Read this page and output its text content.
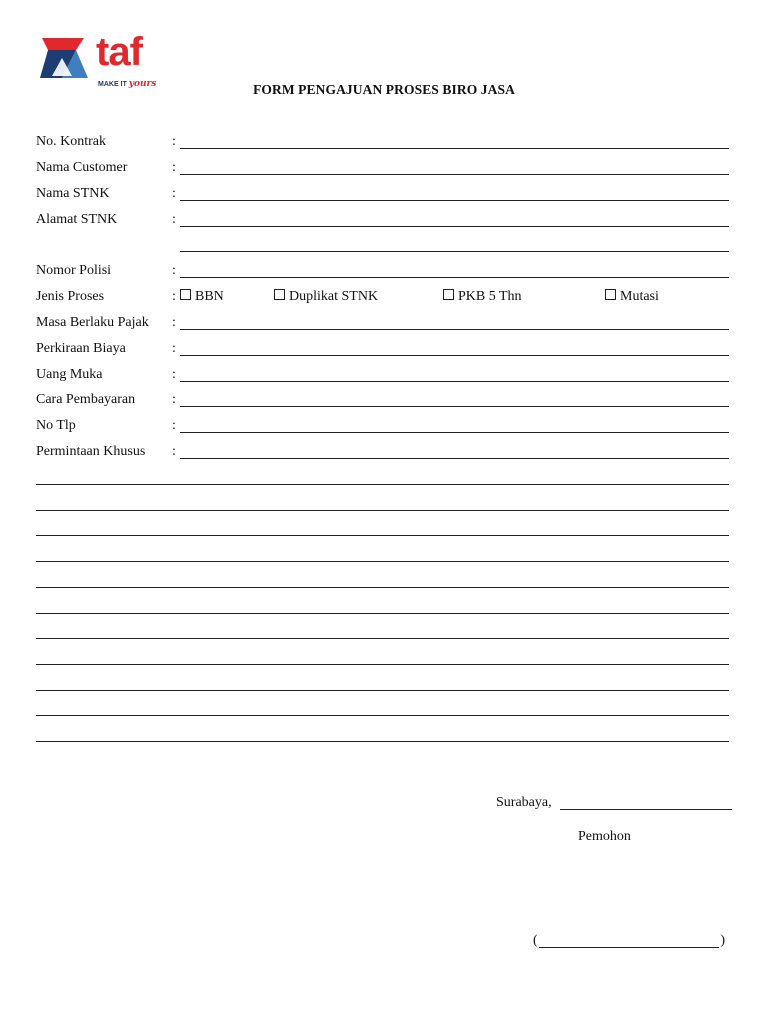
taf
MAKE IT yours	FORM PENGAJUAN PROSES BIRO JASA
No. Kontrak	:
Nama Customer	:
Nama STNK	:
Alamat STNK	:
Nomor Polisi	:
Jenis Proses	:	BBN	Duplikat STNK	PKB 5 Thn	Mutasi
Masa Berlaku Pajak :
Perkiraan Biaya	:
Uang Muka	:
Cara Pembayaran	:
No Tlp	:
Permintaan Khusus :
Surabaya,
Pemohon
(	)
